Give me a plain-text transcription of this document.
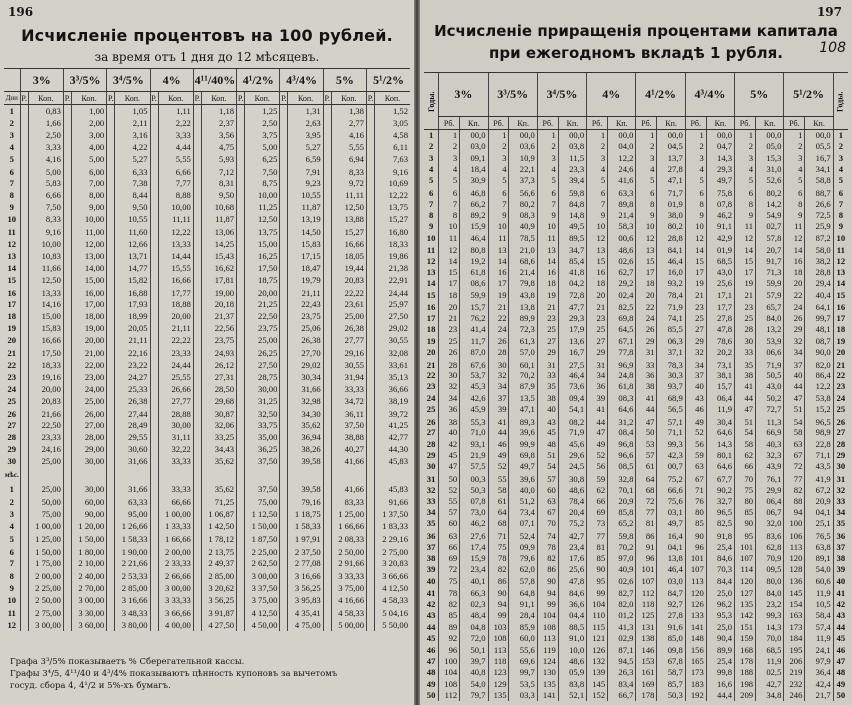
196
Исчисленіе процентовъ на 100 рублей.
за время отъ 1 дня до 12 мѣсяцевъ.
	3%		3³/5%		3⁴/5%		4%		4¹¹/40%		4¹/2%		4³/4%		5%		5¹/2%	
Дни	Р.	Коп.	Р.	Коп.	Р.	Коп.	Р.	Коп.	Р.	Коп.	Р.	Коп.	Р.	Коп.	Р.	Коп.	Р.	Коп.
1		0,83		1,00		1,05		1,11		1,18		1,25		1,31		1,38		1,52
2		1,66		2,00		2,11		2,22		2,37		2,50		2,63		2,77		3,05
3		2,50		3,00		3,16		3,33		3,56		3,75		3,95		4,16		4,58
4		3,33		4,00		4,22		4,44		4,75		5,00		5,27		5,55		6,11
5		4,16		5,00		5,27		5,55		5,93		6,25		6,59		6,94		7,63
6		5,00		6,00		6,33		6,66		7,12		7,50		7,91		8,33		9,16
7		5,83		7,00		7,38		7,77		8,31		8,75		9,23		9,72		10,69
8		6,66		8,00		8,44		8,88		9,50		10,00		10,55		11,11		12,22
9		7,50		9,00		9,50		10,00		10,68		11,25		11,87		12,50		13,75
10		8,33		10,00		10,55		11,11		11,87		12,50		13,19		13,88		15,27
11		9,16		11,00		11,60		12,22		13,06		13,75		14,50		15,27		16,80
12		10,00		12,00		12,66		13,33		14,25		15,00		15,83		16,66		18,33
13		10,83		13,00		13,71		14,44		15,43		16,25		17,15		18,05		19,86
14		11,66		14,00		14,77		15,55		16,62		17,50		18,47		19,44		21,38
15		12,50		15,00		15,82		16,66		17,81		18,75		19,79		20,83		22,91
16		13,33		16,00		16,88		17,77		19,00		20,00		21,11		22,22		24,44
17		14,16		17,00		17,93		18,88		20,18		21,25		22,43		23,61		25,97
18		15,00		18,00		18,99		20,00		21,37		22,50		23,75		25,00		27,50
19		15,83		19,00		20,05		21,11		22,56		23,75		25,06		26,38		29,02
20		16,66		20,00		21,11		22,22		23,75		25,00		26,38		27,77		30,55
21		17,50		21,00		22,16		23,33		24,93		26,25		27,70		29,16		32,08
22		18,33		22,00		23,22		24,44		26,12		27,50		29,02		30,55		33,61
23		19,16		23,00		24,27		25,55		27,31		28,75		30,34		31,94		35,13
24		20,00		24,00		25,33		26,66		28,50		30,00		31,66		33,33		36,66
25		20,83		25,00		26,38		27,77		29,68		31,25		32,98		34,72		38,19
26		21,66		26,00		27,44		28,88		30,87		32,50		34,30		36,11		39,72
27		22,50		27,00		28,49		30,00		32,06		33,75		35,62		37,50		41,25
28		23,33		28,00		29,55		31,11		33,25		35,00		36,94		38,88		42,77
29		24,16		29,00		30,60		32,22		34,43		36,25		38,26		40,27		44,30
30		25,00		30,00		31,66		33,33		35,62		37,50		39,58		41,66		45,83
мѣс.																		
1		25,00		30,00		31,66		33,33		35,62		37,50		39,58		41,66		45,83
2		50,00		60,00		63,33		66,66		71,25		75,00		79,16		83,33		91,66
3		75,00		90,00		95,00		1 00,00		1 06,87		1 12,50		1 18,75		1 25,00		1 37,50
4		1 00,00		1 20,00		1 26,66		1 33,33		1 42,50		1 50,00		1 58,33		1 66,66		1 83,33
5		1 25,00		1 50,00		1 58,33		1 66,66		1 78,12		1 87,50		1 97,91		2 08,33		2 29,16
6		1 50,00		1 80,00		1 90,00		2 00,00		2 13,75		2 25,00		2 37,50		2 50,00		2 75,00
7		1 75,00		2 10,00		2 21,66		2 33,33		2 49,37		2 62,50		2 77,08		2 91,66		3 20,83
8		2 00,00		2 40,00		2 53,33		2 66,66		2 85,00		3 00,00		3 16,66		3 33,33		3 66,66
9		2 25,00		2 70,00		2 85,00		3 00,00		3 20,62		3 37,50		3 56,25		3 75,00		4 12,50
10		2 50,00		3 00,00		3 16,66		3 33,33		3 56,25		3 75,00		3 95,83		4 16,66		4 58,33
11		2 75,00		3 30,00		3 48,33		3 66,66		3 91,87		4 12,50		4 35,41		4 58,33		5 04,16
12		3 00,00		3 60,00		3 80,00		4 00,00		4 27,50		4 50,00		4 75,00		5 00,00		5 50,00
Графа 3³/5% показываетъ % Сберегательной кассы.
Графы 3⁴/5, 4¹¹/40 и 4³/4% показываютъ цѣнность купоновъ за вычетомъ
госуд. сбора 4, 4¹/2 и 5%-хъ бумагъ.
197
108
Исчисленіе приращенія процентами капитала
при ежегодномъ вкладѣ 1 рубля.
Годы.	3%		3³/5%		3⁴/5%		4%		4¹/2%		4³/4%		5%		5¹/2%		Годы.
	Рб.	Кп.	Рб.	Кп.	Рб.	Кп.	Рб.	Кп.	Рб.	Кп.	Рб.	Кп.	Рб.	Кп.	Рб.	Кп.	
1	1	00,0	1	00,0	1	00,0	1	00,0	1	00,0	1	00,0	1	00,0	1	00,0	1
2	2	03,0	2	03,6	2	03,8	2	04,0	2	04,5	2	04,7	2	05,0	2	05,5	2
3	3	09,1	3	10,9	3	11,5	3	12,2	3	13,7	3	14,3	3	15,3	3	16,7	3
4	4	18,4	4	22,1	4	23,3	4	24,6	4	27,8	4	29,3	4	31,0	4	34,1	4
5	5	30,9	5	37,3	5	39,4	5	41,6	5	47,1	5	49,7	5	52,6	5	58,8	5
6	6	46,8	6	56,6	6	59,8	6	63,3	6	71,7	6	75,8	6	80,2	6	88,7	6
7	7	66,2	7	80,2	7	84,8	7	89,8	8	01,9	8	07,8	8	14,2	8	26,6	7
8	8	89,2	9	08,3	9	14,8	9	21,4	9	38,0	9	46,2	9	54,9	9	72,5	8
9	10	15,9	10	40,9	10	49,5	10	58,3	10	80,2	10	91,1	11	02,7	11	25,9	9
10	11	46,4	11	78,5	11	89,5	12	00,6	12	28,8	12	42,9	12	57,8	12	87,2	10
11	12	80,8	13	21,0	13	34,7	13	48,6	13	84,1	14	01,9	14	20,7	14	58,0	11
12	14	19,2	14	68,6	14	85,4	15	02,6	15	46,4	15	68,5	15	91,7	16	38,2	12
13	15	61,8	16	21,4	16	41,8	16	62,7	17	16,0	17	43,0	17	71,3	18	28,8	13
14	17	08,6	17	79,8	18	04,2	18	29,2	18	93,2	19	25,6	19	59,9	20	29,4	14
15	18	59,9	19	43,8	19	72,8	20	02,4	20	78,4	21	17,1	21	57,9	22	40,4	15
16	20	15,7	21	13,8	21	47,7	21	82,5	22	71,9	23	17,7	23	65,7	24	64,1	16
17	21	76,2	22	89,9	23	29,3	23	69,8	24	74,1	25	27,8	25	84,0	26	99,7	17
18	23	41,4	24	72,3	25	17,9	25	64,5	26	85,5	27	47,8	28	13,2	29	48,1	18
19	25	11,7	26	61,3	27	13,6	27	67,1	29	06,3	29	78,6	30	53,9	32	08,7	19
20	26	87,0	28	57,0	29	16,7	29	77,8	31	37,1	32	20,2	33	06,6	34	90,0	20
21	28	67,6	30	60,1	31	27,5	31	96,9	33	78,3	34	73,1	35	71,9	37	82,0	21
22	30	53,7	32	70,2	33	46,4	34	24,8	36	30,3	37	38,1	38	50,5	40	86,4	22
23	32	45,3	34	87,9	35	73,6	36	61,8	38	93,7	40	15,7	41	43,0	44	12,2	23
24	34	42,6	37	13,5	38	09,4	39	08,3	41	68,9	43	06,4	44	50,2	47	53,8	24
25	36	45,9	39	47,1	40	54,1	41	64,6	44	56,5	46	11,9	47	72,7	51	15,2	25
26	38	55,3	41	89,3	43	08,2	44	31,2	47	57,1	49	30,4	51	11,3	54	96,5	26
27	40	71,0	44	39,6	45	71,9	47	08,4	50	71,1	52	64,6	54	66,9	58	98,9	27
28	42	93,1	46	99,9	48	45,6	49	96,8	53	99,3	56	14,3	58	40,3	63	22,8	28
29	45	21,9	49	69,8	51	29,6	52	96,6	57	42,3	59	80,1	62	32,3	67	71,1	29
30	47	57,5	52	49,7	54	24,5	56	08,5	61	00,7	63	64,6	66	43,9	72	43,5	30
31	50	00,3	55	39,6	57	30,8	59	32,8	64	75,2	67	67,7	70	76,1	77	41,9	31
32	52	50,3	58	40,0	60	48,6	62	70,1	68	66,6	71	90,2	75	29,9	82	67,2	32
33	55	07,8	61	51,2	63	78,4	66	20,9	72	75,6	76	32,7	80	06,4	88	20,9	33
34	57	73,0	64	73,4	67	20,4	69	85,8	77	03,1	80	96,5	85	06,7	94	04,1	34
35	60	46,2	68	07,1	70	75,2	73	65,2	81	49,7	85	82,5	90	32,0	100	25,1	35
36	63	27,6	71	52,4	74	42,7	77	59,8	86	16,4	90	91,8	95	83,6	106	76,5	36
37	66	17,4	75	09,9	78	23,4	81	70,2	91	04,1	96	25,4	101	62,8	113	63,8	37
38	69	15,9	78	79,6	82	17,6	85	97,0	96	13,8	101	84,6	107	70,9	120	89,1	38
39	72	23,4	82	62,0	86	25,6	90	40,9	101	46,4	107	70,3	114	09,5	128	54,0	39
40	75	40,1	86	57,8	90	47,8	95	02,6	107	03,0	113	84,4	120	80,0	136	60,6	40
41	78	66,3	90	64,8	94	84,6	99	82,7	112	84,7	120	25,0	127	84,0	145	11,9	41
42	82	02,3	94	91,1	99	36,6	104	82,0	118	92,7	126	96,2	135	23,2	154	10,5	42
43	85	48,4	99	28,4	104	04,4	110	01,2	125	27,8	133	95,3	142	99,3	163	58,4	43
44	89	04,8	103	85,9	108	88,5	115	41,3	131	91,6	141	25,0	151	14,3	173	57,4	44
45	92	72,0	108	60,0	113	91,0	121	02,9	138	85,0	148	90,4	159	70,0	184	11,9	45
46	96	50,1	113	55,6	119	10,0	126	87,1	146	09,8	156	89,9	168	68,5	195	24,1	46
47	100	39,7	118	69,6	124	48,6	132	94,5	153	67,8	165	25,4	178	11,9	206	97,9	47
48	104	40,8	123	99,7	130	05,9	139	26,3	161	58,7	173	99,8	188	02,5	219	36,4	48
49	108	54,0	129	53,5	135	83,8	145	83,4	169	85,7	183	16,6	198	42,7	232	42,4	49
50	112	79,7	135	03,3	141	52,1	152	66,7	178	50,3	192	44,4	209	34,8	246	21,7	50
